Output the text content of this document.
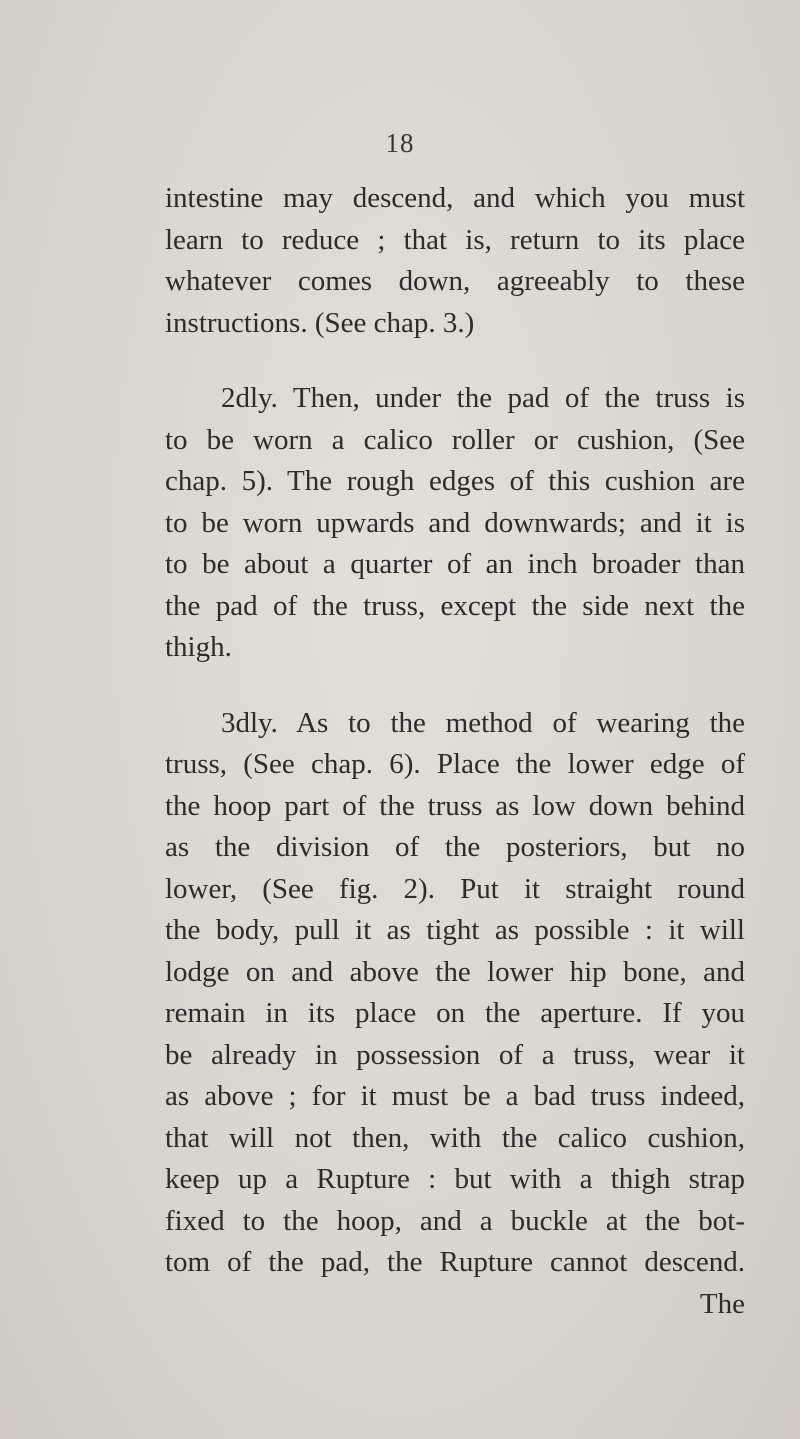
18
intestine may descend, and which you must
learn to reduce ; that is, return to its place
whatever comes down, agreeably to these
instructions. (See chap. 3.)
2dly. Then, under the pad of the truss is
to be worn a calico roller or cushion, (See
chap. 5). The rough edges of this cushion are
to be worn upwards and downwards; and it is
to be about a quarter of an inch broader than
the pad of the truss, except the side next the
thigh.
3dly. As to the method of wearing the
truss, (See chap. 6). Place the lower edge of
the hoop part of the truss as low down behind
as the division of the posteriors, but no
lower, (See fig. 2). Put it straight round
the body, pull it as tight as possible : it will
lodge on and above the lower hip bone, and
remain in its place on the aperture. If you
be already in possession of a truss, wear it
as above ; for it must be a bad truss indeed,
that will not then, with the calico cushion,
keep up a Rupture : but with a thigh strap
fixed to the hoop, and a buckle at the bot-
tom of the pad, the Rupture cannot descend.
The
